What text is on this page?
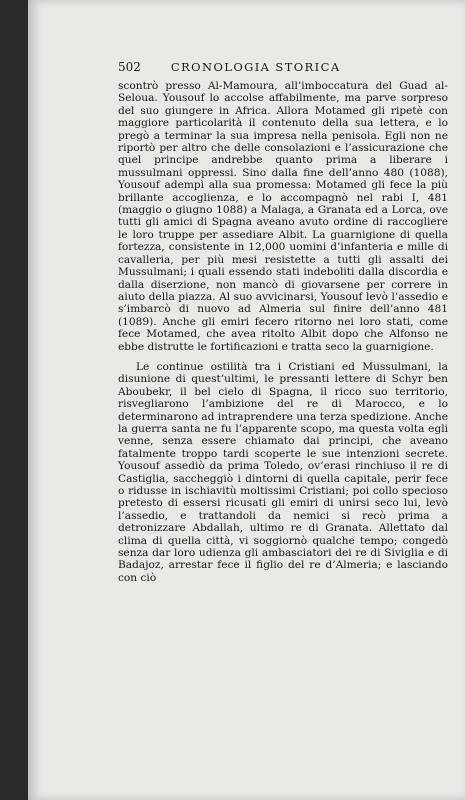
502	CRONOLOGIA STORICA

scontrò presso Al-Mamoura, all’imboccatura del Guad al-Seloua. Yousouf lo accolse affabilmente, ma parve sorpreso del suo giungere in Africa. Allora Motamed gli ripetè con maggiore particolarità il contenuto della sua lettera, e lo pregò a terminar la sua impresa nella penisola. Egli non ne riportò per altro che delle consolazioni e l’assicurazione che quel principe andrebbe quanto prima a liberare i mussulmani oppressi. Sino dalla fine dell’anno 480 (1088), Yousouf adempì alla sua promessa: Motamed gli fece la più brillante accoglienza, e lo accompagnò nel rabi I, 481 (maggio o giugno 1088) a Malaga, a Granata ed a Lorca, ove tutti gli amici di Spagna aveano avuto ordine di raccogliere le loro truppe per assediare Albit. La guarnigione di quella fortezza, consistente in 12,000 uomini d’infanteria e mille di cavalleria, per più mesi resistette a tutti gli assalti dei Mussulmani; i quali essendo stati indeboliti dalla discordia e dalla diserzione, non mancò di giovarsene per correre in aiuto della piazza. Al suo avvicinarsi, Yousouf levò l’assedio e s’imbarcò di nuovo ad Almeria sul finire dell’anno 481 (1089). Anche gli emiri fecero ritorno nei loro stati, come fece Motamed, che avea ritolto Albit dopo che Alfonso ne ebbe distrutte le fortificazioni e tratta seco la guarnigione.

Le continue ostilità tra i Cristiani ed Mussulmani, la disunione di quest’ultimi, le pressanti lettere di Schyr ben Aboubekr, il bel cielo di Spagna, il ricco suo territorio, risvegliarono l’ambizione del re di Marocco, e lo determinarono ad intraprendere una terza spedizione. Anche la guerra santa ne fu l’apparente scopo, ma questa volta egli venne, senza essere chiamato dai principi, che aveano fatalmente troppo tardi scoperte le sue intenzioni secrete. Yousouf assediò da prima Toledo, ov’erasi rinchiuso il re di Castiglia, saccheggiò i dintorni di quella capitale, perir fece o ridusse in ischiavitù moltissimi Cristiani; poi collo specioso pretesto di essersi ricusati gli emiri di unirsi seco lui, levò l’assedio, e trattandoli da nemici si recò prima a detronizzare Abdallah, ultimo re di Granata. Allettato dal clima di quella città, vi soggiornò qualche tempo; congedò senza dar loro udienza gli ambasciatori dei re di Siviglia e di Badajoz, arrestar fece il figlio del re d’Almeria; e lasciando con ciò
